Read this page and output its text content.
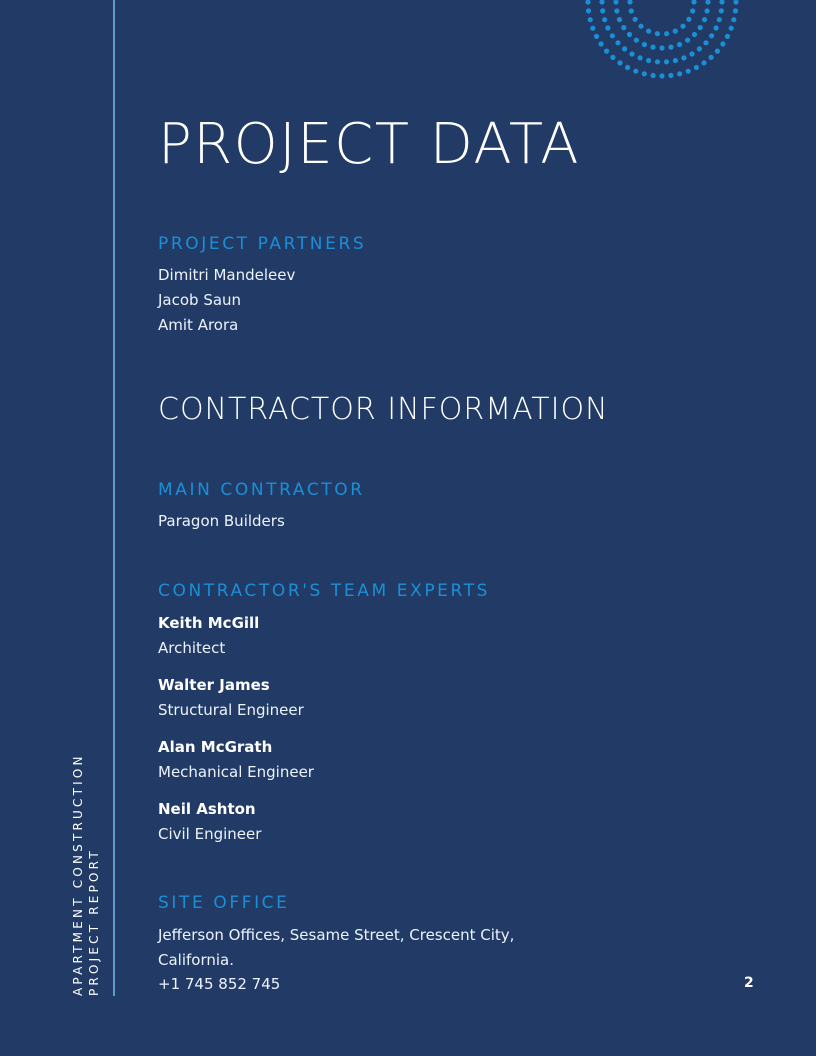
APARTMENT CONSTRUCTION PROJECT REPORT
PROJECT DATA
PROJECT PARTNERS

Dimitri Mandeleev

Jacob Saun

Amit Arora

CONTRACTOR INFORMATION
MAIN CONTRACTOR

Paragon Builders

CONTRACTOR'S TEAM EXPERTS

Keith McGill

Architect

Walter James

Structural Engineer

Alan McGrath

Mechanical Engineer

Neil Ashton

Civil Engineer

SITE OFFICE

Jefferson Offices, Sesame Street, Crescent City,

California.

+1 745 852 745	2
